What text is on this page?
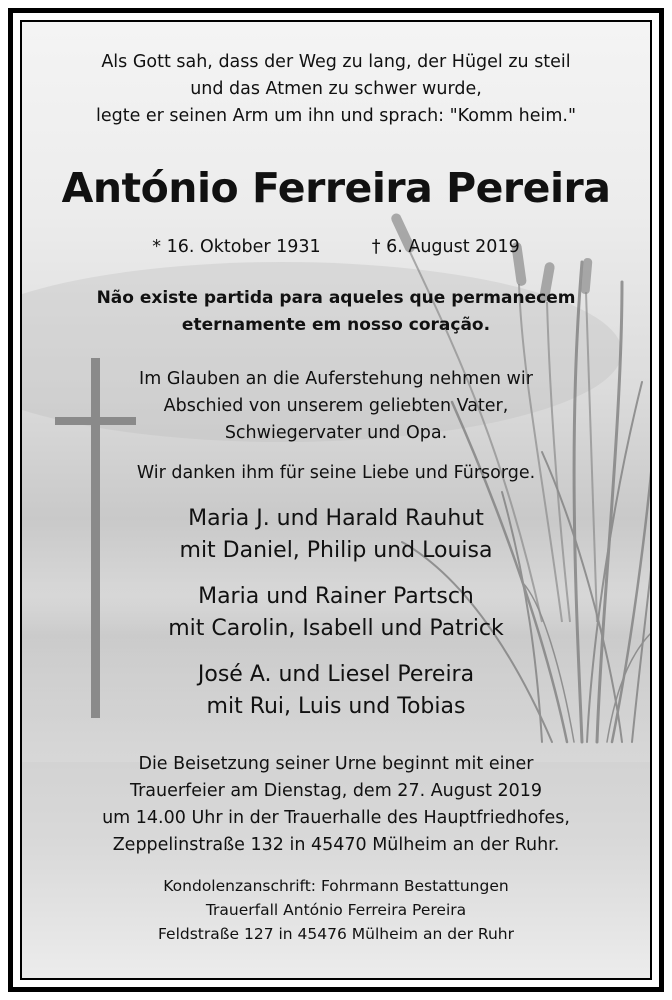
Als Gott sah, dass der Weg zu lang, der Hügel zu steil
und das Atmen zu schwer wurde,
legte er seinen Arm um ihn und sprach: "Komm heim."
António Ferreira Pereira
* 16. Oktober 1931	† 6. August 2019
Não existe partida para aqueles que permanecem
eternamente em nosso coração.
Im Glauben an die Auferstehung nehmen wir
Abschied von unserem geliebten Vater,
Schwiegervater und Opa.
Wir danken ihm für seine Liebe und Fürsorge.
Maria J. und Harald Rauhut
mit Daniel, Philip und Louisa
Maria und Rainer Partsch
mit Carolin, Isabell und Patrick
José A. und Liesel Pereira
mit Rui, Luis und Tobias
Die Beisetzung seiner Urne beginnt mit einer
Trauerfeier am Dienstag, dem 27. August 2019
um 14.00 Uhr in der Trauerhalle des Hauptfriedhofes,
Zeppelinstraße 132 in 45470 Mülheim an der Ruhr.
Kondolenzanschrift: Fohrmann Bestattungen
Trauerfall António Ferreira Pereira
Feldstraße 127 in 45476 Mülheim an der Ruhr
